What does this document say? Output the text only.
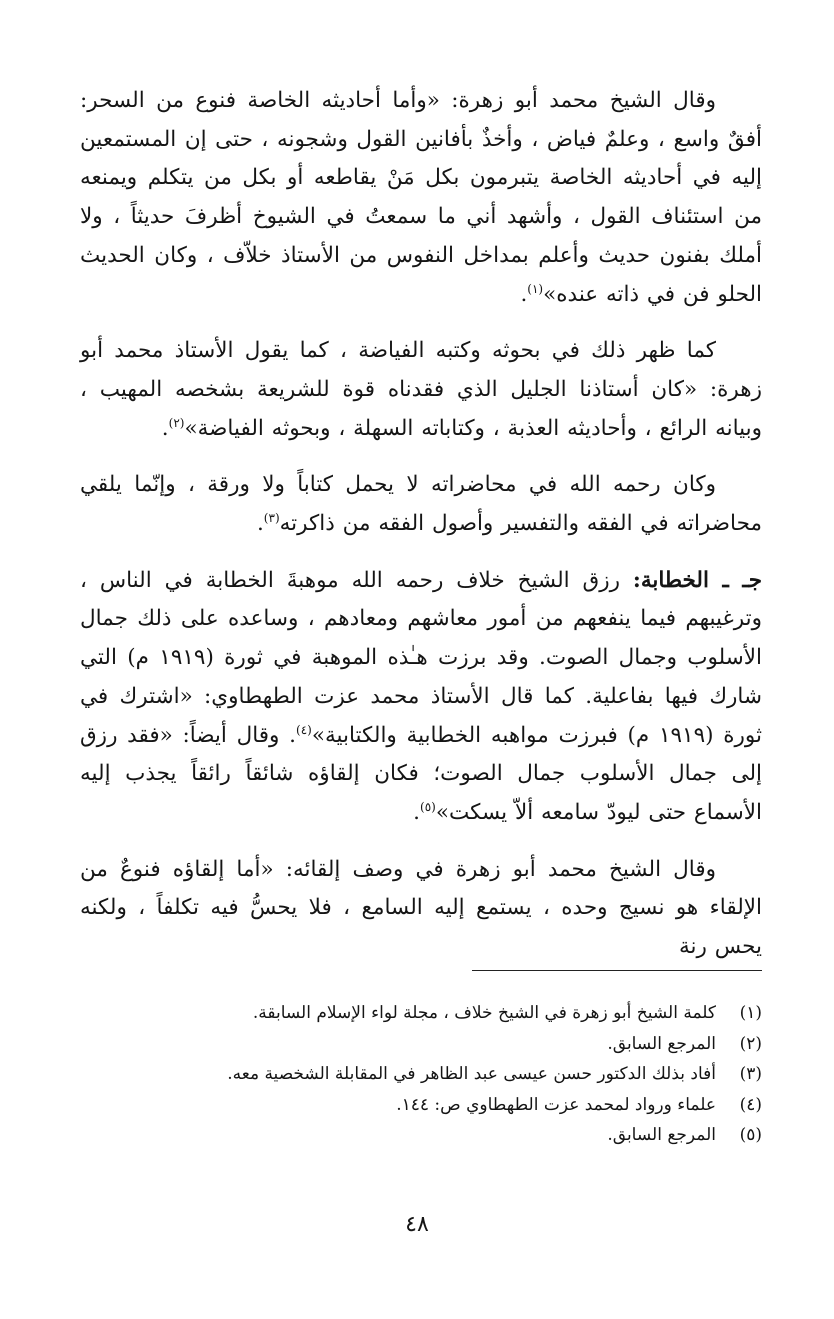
وقال الشيخ محمد أبو زهرة: «وأما أحاديثه الخاصة فنوع من السحر: أفقٌ واسع ، وعلمٌ فياض ، وأخذٌ بأفانين القول وشجونه ، حتى إن المستمعين إليه في أحاديثه الخاصة يتبرمون بكل مَنْ يقاطعه أو بكل من يتكلم ويمنعه من استئناف القول ، وأشهد أني ما سمعتُ في الشيوخ أظرفَ حديثاً ، ولا أملك بفنون حديث وأعلم بمداخل النفوس من الأستاذ خلاّف ، وكان الحديث الحلو فن في ذاته عنده»$^{(١)}$.

كما ظهر ذلك في بحوثه وكتبه الفياضة ، كما يقول الأستاذ محمد أبو زهرة: «كان أستاذنا الجليل الذي فقدناه قوة للشريعة بشخصه المهيب ، وبيانه الرائع ، وأحاديثه العذبة ، وكتاباته السهلة ، وبحوثه الفياضة»$^{(٢)}$.

وكان رحمه الله في محاضراته لا يحمل كتاباً ولا ورقة ، وإنّما يلقي محاضراته في الفقه والتفسير وأصول الفقه من ذاكرته$^{(٣)}$.

جـ ـ الخطابة: رزق الشيخ خلاف رحمه الله موهبةَ الخطابة في الناس ، وترغيبهم فيما ينفعهم من أمور معاشهم ومعادهم ، وساعده على ذلك جمال الأسلوب وجمال الصوت. وقد برزت هـٰذه الموهبة في ثورة (١٩١٩ م) التي شارك فيها بفاعلية. كما قال الأستاذ محمد عزت الطهطاوي: «اشترك في ثورة (١٩١٩ م) فبرزت مواهبه الخطابية والكتابية»$^{(٤)}$. وقال أيضاً: «فقد رزق إلى جمال الأسلوب جمال الصوت؛ فكان إلقاؤه شائقاً رائقاً يجذب إليه الأسماع حتى ليودّ سامعه ألاّ يسكت»$^{(٥)}$.

وقال الشيخ محمد أبو زهرة في وصف إلقائه: «أما إلقاؤه فنوعٌ من الإلقاء هو نسيج وحده ، يستمع إليه السامع ، فلا يحسُّ فيه تكلفاً ، ولكنه يحس رنة

(١)
كلمة الشيخ أبو زهرة في الشيخ خلاف ، مجلة لواء الإسلام السابقة.
(٢)
المرجع السابق.
(٣)
أفاد بذلك الدكتور حسن عيسى عبد الظاهر في المقابلة الشخصية معه.
(٤)
علماء ورواد لمحمد عزت الطهطاوي ص: ١٤٤.
(٥)
المرجع السابق.
٤٨
